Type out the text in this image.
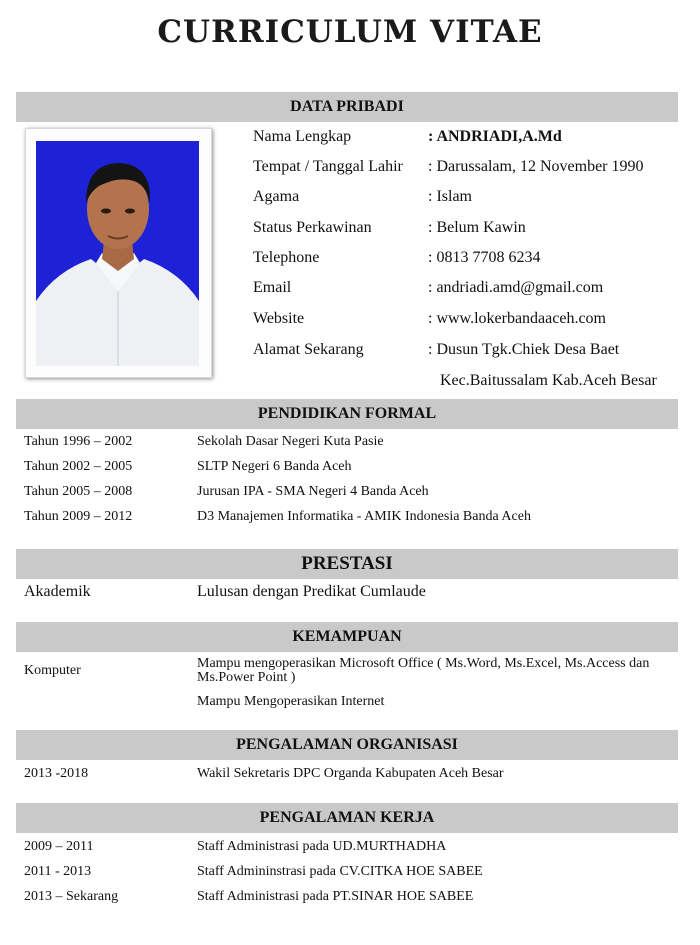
CURRICULUM VITAE
DATA PRIBADI
Nama Lengkap	: ANDRIADI,A.Md
Tempat / Tanggal Lahir : Darussalam, 12 November 1990
Agama	: Islam
Status Perkawinan	: Belum Kawin
Telephone	: 0813 7708 6234
Email	: andriadi.amd@gmail.com
Website	: www.lokerbandaaceh.com
Alamat Sekarang	: Dusun Tgk.Chiek Desa Baet
Kec.Baitussalam Kab.Aceh Besar
PENDIDIKAN FORMAL
Tahun 1996 – 2002	Sekolah Dasar Negeri Kuta Pasie
Tahun 2002 – 2005	SLTP Negeri 6 Banda Aceh
Tahun 2005 – 2008	Jurusan IPA - SMA Negeri 4 Banda Aceh
Tahun 2009 – 2012	D3 Manajemen Informatika - AMIK Indonesia Banda Aceh
PRESTASI
Akademik	Lulusan dengan Predikat Cumlaude
KEMAMPUAN
Komputer	Mampu mengoperasikan Microsoft Office ( Ms.Word, Ms.Excel, Ms.Access dan Ms.Power Point )
Mampu Mengoperasikan Internet
PENGALAMAN ORGANISASI
2013 -2018	Wakil Sekretaris DPC Organda Kabupaten Aceh Besar
PENGALAMAN KERJA
2009 – 2011	Staff Administrasi pada UD.MURTHADHA
2011 - 2013	Staff Admininstrasi pada CV.CITKA HOE SABEE
2013 – Sekarang	Staff Administrasi pada PT.SINAR HOE SABEE
